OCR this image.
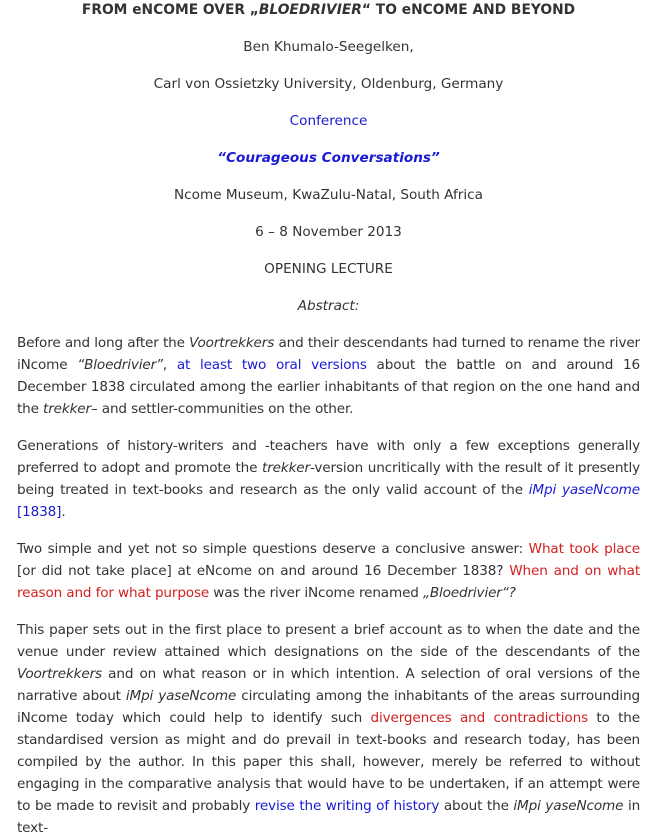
FROM eNCOME OVER „BLOEDRIVIER“ TO eNCOME AND BEYOND

Ben Khumalo-Seegelken,

Carl von Ossietzky University, Oldenburg, Germany

Conference

“Courageous Conversations”

Ncome Museum, KwaZulu-Natal, South Africa

6 – 8 November 2013

OPENING LECTURE

Abstract:

Before and long after the Voortrekkers and their descendants had turned to rename the river iNcome “Bloedrivier”, at least two oral versions about the battle on and around 16 December 1838 circulated among the earlier inhabitants of that region on the one hand and the trekker– and settler-communities on the other.

Generations of history-writers and -teachers have with only a few exceptions generally preferred to adopt and promote the trekker-version uncritically with the result of it presently being treated in text-books and research as the only valid account of the iMpi yaseNcome [1838].

Two simple and yet not so simple questions deserve a conclusive answer: What took place [or did not take place] at eNcome on and around 16 December 1838? When and on what reason and for what purpose was the river iNcome renamed „Bloedrivier“?

This paper sets out in the first place to present a brief account as to when the date and the venue under review attained which designations on the side of the descendants of the Voortrekkers and on what reason or in which intention. A selection of oral versions of the narrative about iMpi yaseNcome circulating among the inhabitants of the areas surrounding iNcome today which could help to identify such divergences and contradictions to the standardised version as might and do prevail in text-books and research today, has been compiled by the author. In this paper this shall, however, merely be referred to without engaging in the comparative analysis that would have to be undertaken, if an attempt were to be made to revisit and probably revise the writing of history about the iMpi yaseNcome in text-
